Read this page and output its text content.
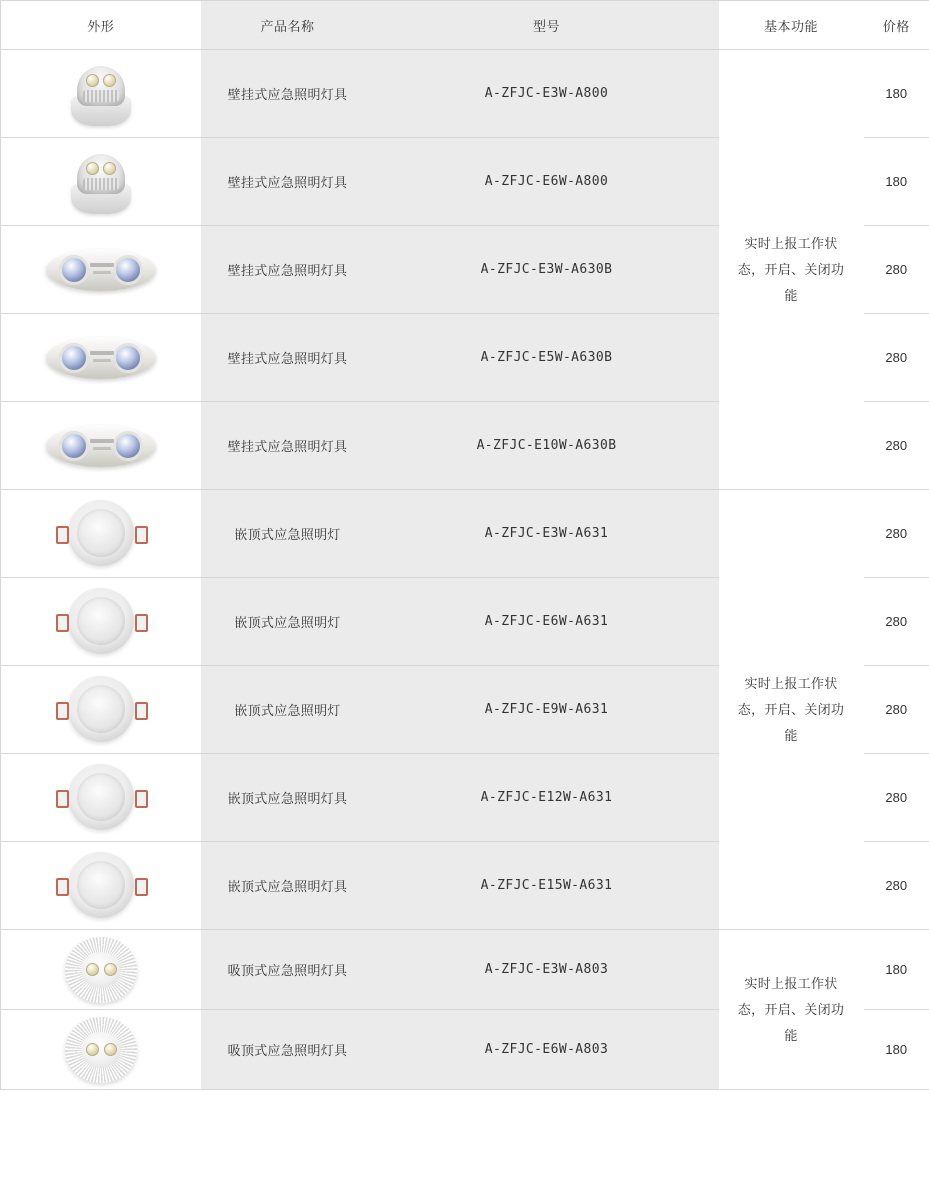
外形	产品名称	型号	基本功能	价格

	壁挂式应急照明灯具	A-ZFJC-E3W-A800	实时上报工作状态，开启、关闭功能	180

	壁挂式应急照明灯具	A-ZFJC-E6W-A800		180

	壁挂式应急照明灯具	A-ZFJC-E3W-A630B		280

	壁挂式应急照明灯具	A-ZFJC-E5W-A630B		280

	壁挂式应急照明灯具	A-ZFJC-E10W-A630B		280

	嵌顶式应急照明灯	A-ZFJC-E3W-A631	实时上报工作状态，开启、关闭功能	280

	嵌顶式应急照明灯	A-ZFJC-E6W-A631		280

	嵌顶式应急照明灯	A-ZFJC-E9W-A631		280

	嵌顶式应急照明灯具	A-ZFJC-E12W-A631		280

	嵌顶式应急照明灯具	A-ZFJC-E15W-A631		280

	吸顶式应急照明灯具	A-ZFJC-E3W-A803	实时上报工作状态，开启、关闭功能	180

	吸顶式应急照明灯具	A-ZFJC-E6W-A803		180
